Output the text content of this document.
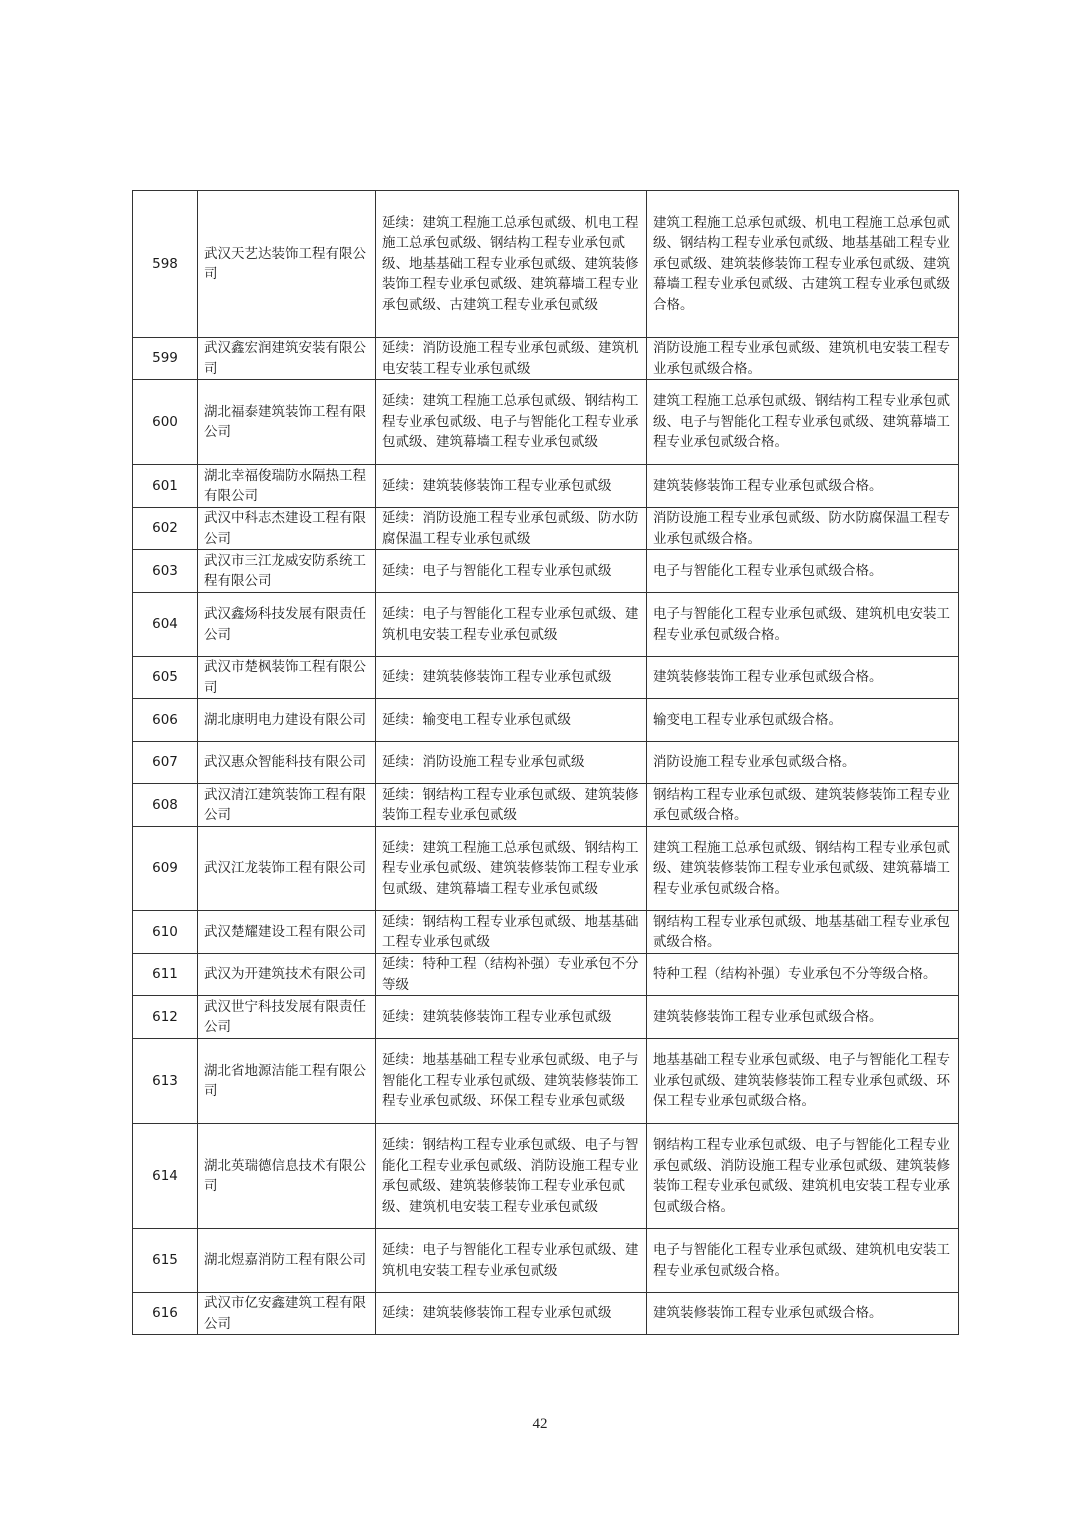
598	武汉天艺达装饰工程有限公司	延续：建筑工程施工总承包贰级、机电工程施工总承包贰级、钢结构工程专业承包贰级、地基基础工程专业承包贰级、建筑装修装饰工程专业承包贰级、建筑幕墙工程专业承包贰级、古建筑工程专业承包贰级	建筑工程施工总承包贰级、机电工程施工总承包贰级、钢结构工程专业承包贰级、地基基础工程专业承包贰级、建筑装修装饰工程专业承包贰级、建筑幕墙工程专业承包贰级、古建筑工程专业承包贰级合格。
599	武汉鑫宏润建筑安装有限公司	延续：消防设施工程专业承包贰级、建筑机电安装工程专业承包贰级	消防设施工程专业承包贰级、建筑机电安装工程专业承包贰级合格。
600	湖北福泰建筑装饰工程有限公司	延续：建筑工程施工总承包贰级、钢结构工程专业承包贰级、电子与智能化工程专业承包贰级、建筑幕墙工程专业承包贰级	建筑工程施工总承包贰级、钢结构工程专业承包贰级、电子与智能化工程专业承包贰级、建筑幕墙工程专业承包贰级合格。
601	湖北幸福俊瑞防水隔热工程有限公司	延续：建筑装修装饰工程专业承包贰级	建筑装修装饰工程专业承包贰级合格。
602	武汉中科志杰建设工程有限公司	延续：消防设施工程专业承包贰级、防水防腐保温工程专业承包贰级	消防设施工程专业承包贰级、防水防腐保温工程专业承包贰级合格。
603	武汉市三江龙威安防系统工程有限公司	延续：电子与智能化工程专业承包贰级	电子与智能化工程专业承包贰级合格。
604	武汉鑫炀科技发展有限责任公司	延续：电子与智能化工程专业承包贰级、建筑机电安装工程专业承包贰级	电子与智能化工程专业承包贰级、建筑机电安装工程专业承包贰级合格。
605	武汉市楚枫装饰工程有限公司	延续：建筑装修装饰工程专业承包贰级	建筑装修装饰工程专业承包贰级合格。
606	湖北康明电力建设有限公司	延续：输变电工程专业承包贰级	输变电工程专业承包贰级合格。
607	武汉惠众智能科技有限公司	延续：消防设施工程专业承包贰级	消防设施工程专业承包贰级合格。
608	武汉清江建筑装饰工程有限公司	延续：钢结构工程专业承包贰级、建筑装修装饰工程专业承包贰级	钢结构工程专业承包贰级、建筑装修装饰工程专业承包贰级合格。
609	武汉江龙装饰工程有限公司	延续：建筑工程施工总承包贰级、钢结构工程专业承包贰级、建筑装修装饰工程专业承包贰级、建筑幕墙工程专业承包贰级	建筑工程施工总承包贰级、钢结构工程专业承包贰级、建筑装修装饰工程专业承包贰级、建筑幕墙工程专业承包贰级合格。
610	武汉楚耀建设工程有限公司	延续：钢结构工程专业承包贰级、地基基础工程专业承包贰级	钢结构工程专业承包贰级、地基基础工程专业承包贰级合格。
611	武汉为开建筑技术有限公司	延续：特种工程（结构补强）专业承包不分等级	特种工程（结构补强）专业承包不分等级合格。
612	武汉世宁科技发展有限责任公司	延续：建筑装修装饰工程专业承包贰级	建筑装修装饰工程专业承包贰级合格。
613	湖北省地源洁能工程有限公司	延续：地基基础工程专业承包贰级、电子与智能化工程专业承包贰级、建筑装修装饰工程专业承包贰级、环保工程专业承包贰级	地基基础工程专业承包贰级、电子与智能化工程专业承包贰级、建筑装修装饰工程专业承包贰级、环保工程专业承包贰级合格。
614	湖北英瑞德信息技术有限公司	延续：钢结构工程专业承包贰级、电子与智能化工程专业承包贰级、消防设施工程专业承包贰级、建筑装修装饰工程专业承包贰级、建筑机电安装工程专业承包贰级	钢结构工程专业承包贰级、电子与智能化工程专业承包贰级、消防设施工程专业承包贰级、建筑装修装饰工程专业承包贰级、建筑机电安装工程专业承包贰级合格。
615	湖北煜嘉消防工程有限公司	延续：电子与智能化工程专业承包贰级、建筑机电安装工程专业承包贰级	电子与智能化工程专业承包贰级、建筑机电安装工程专业承包贰级合格。
616	武汉市亿安鑫建筑工程有限公司	延续：建筑装修装饰工程专业承包贰级	建筑装修装饰工程专业承包贰级合格。
42
